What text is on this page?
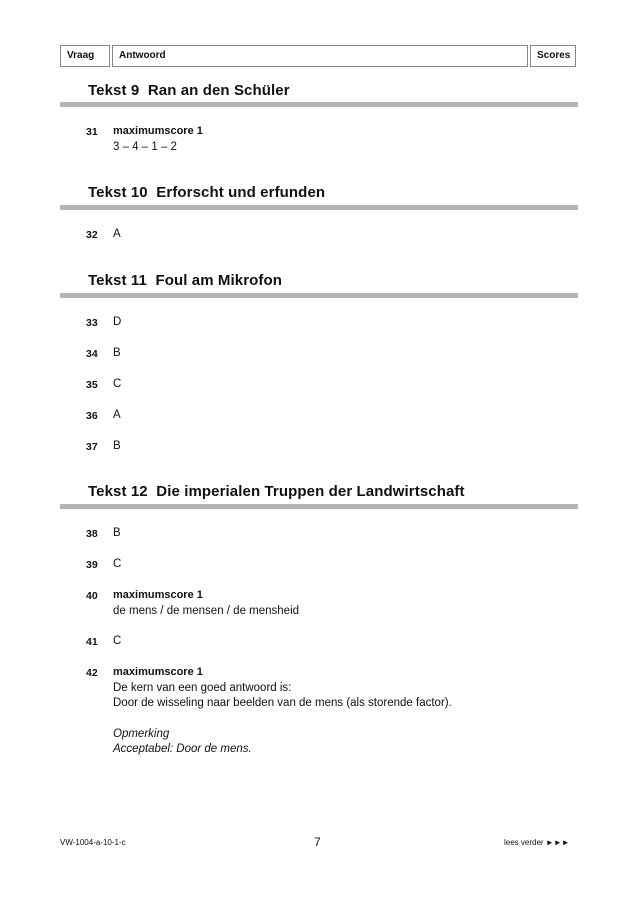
Vraag	Antwoord	Scores
Tekst 9 Ran an den Schüler
31 maximumscore 1
3 – 4 – 1 – 2
Tekst 10 Erforscht und erfunden
32 A
Tekst 11 Foul am Mikrofon
33 D
34 B
35 C
36 A
37 B
Tekst 12 Die imperialen Truppen der Landwirtschaft
38 B
39 C
40 maximumscore 1
de mens / de mensen / de mensheid
41 C
42 maximumscore 1
De kern van een goed antwoord is:
Door de wisseling naar beelden van de mens (als storende factor).
Opmerking
Acceptabel: Door de mens.
VW-1004-a-10-1-c	7	lees verder ►►►
